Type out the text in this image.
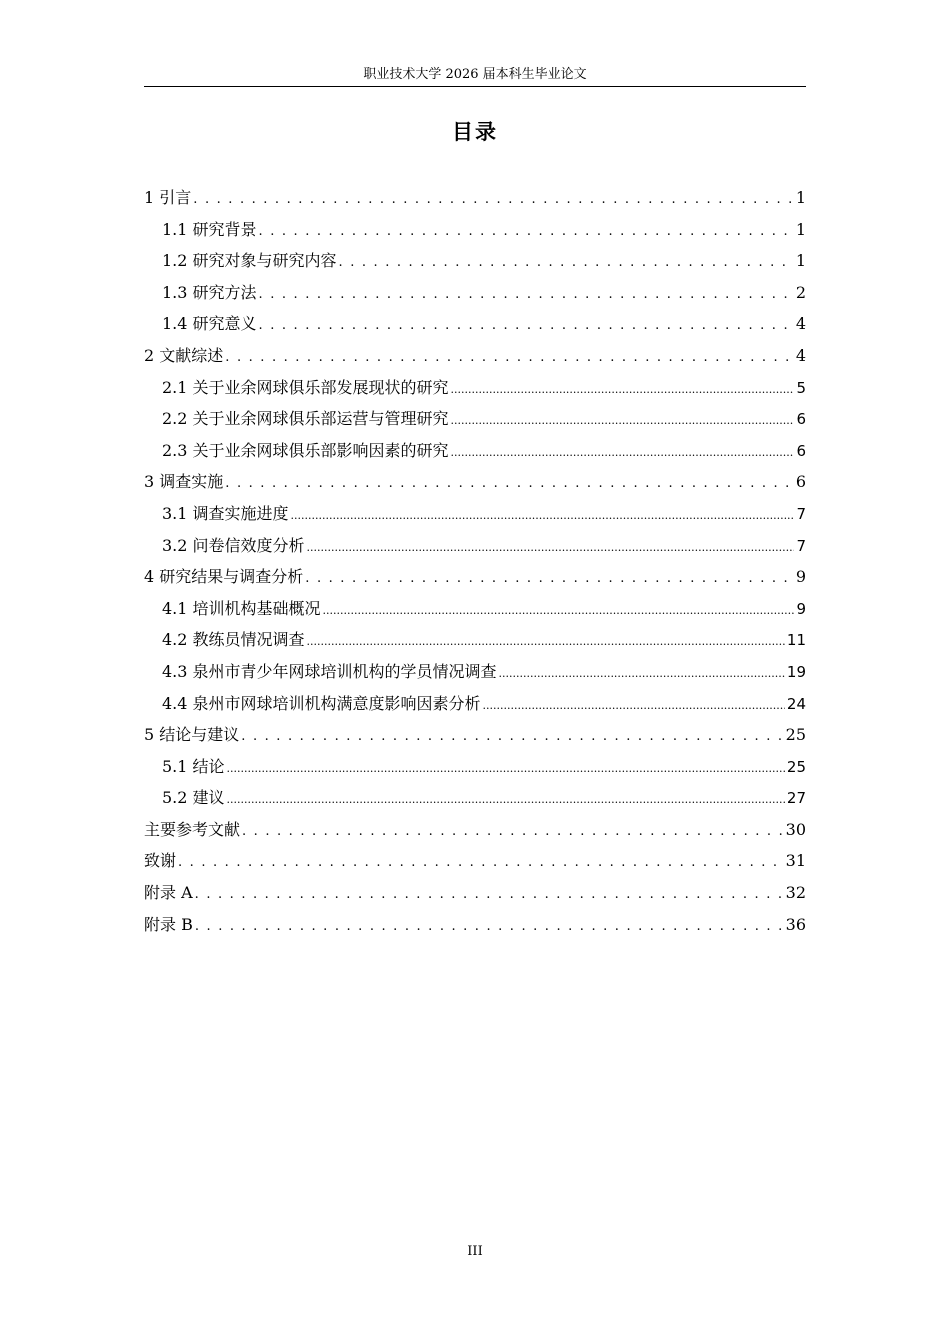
职业技术大学 2026 届本科生毕业论文
目录
1 引言 . . .	1
1.1 研究背景 . . .	1
1.2 研究对象与研究内容 . . .	1
1.3 研究方法 . . .	2
1.4 研究意义 . . .	4
2 文献综述 . . .	4
2.1 关于业余网球俱乐部发展现状的研究 .....	5
2.2 关于业余网球俱乐部运营与管理研究 .....	6
2.3 关于业余网球俱乐部影响因素的研究 .....	6
3 调查实施 . . .	6
3.1 调查实施进度 .....	7
3.2 问卷信效度分析 .....	7
4 研究结果与调查分析 . . .	9
4.1 培训机构基础概况 .....	9
4.2 教练员情况调查 .....	11
4.3 泉州市青少年网球培训机构的学员情况调查 .....	19
4.4 泉州市网球培训机构满意度影响因素分析 .....	24
5 结论与建议 . . .	25
5.1 结论 .....	25
5.2 建议 .....	27
主要参考文献 . . .	30
致谢 . . .	31
附录 A . . .	32
附录 B . . .	36
III
